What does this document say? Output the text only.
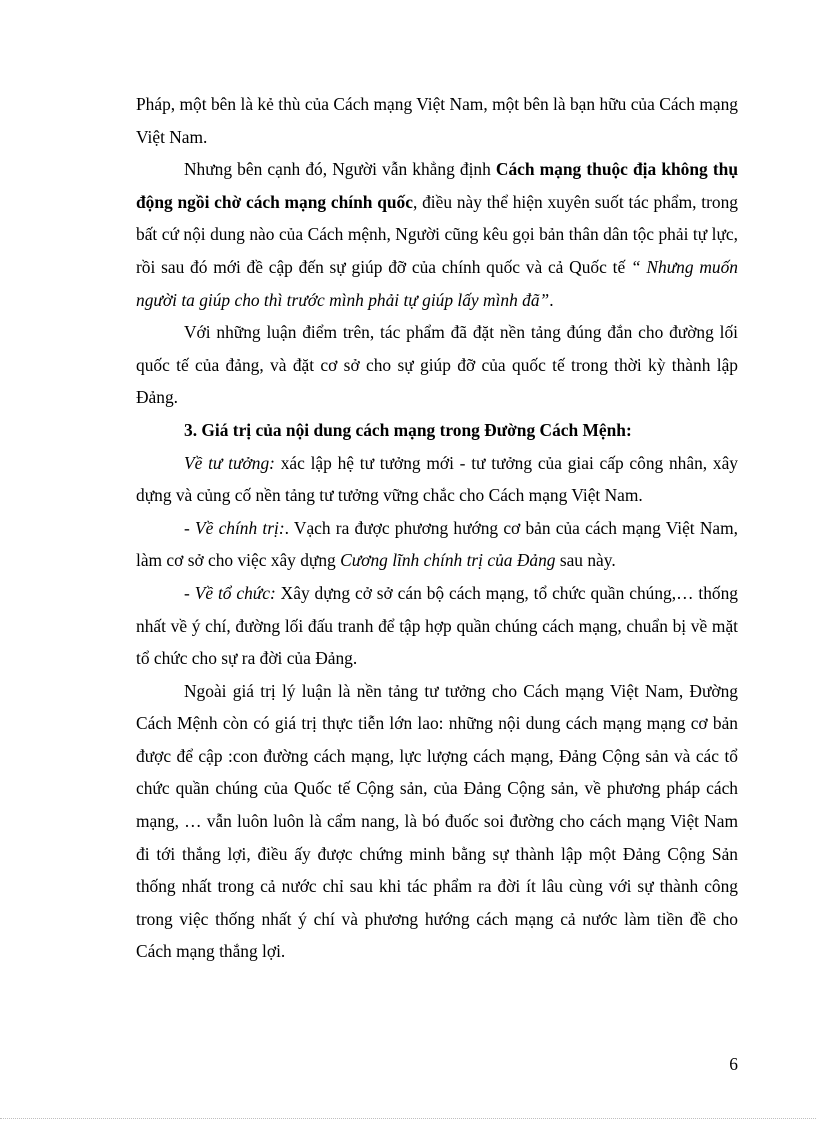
Pháp, một bên là kẻ thù của Cách mạng Việt Nam, một bên là bạn hữu của Cách mạng Việt Nam.

Nhưng bên cạnh đó, Người vẫn khẳng định Cách mạng thuộc địa không thụ động ngồi chờ cách mạng chính quốc, điều này thể hiện xuyên suốt tác phẩm, trong bất cứ nội dung nào của Cách mệnh, Người cũng kêu gọi bản thân dân tộc phải tự lực, rồi sau đó mới đề cập đến sự giúp đỡ của chính quốc và cả Quốc tế “ Nhưng muốn người ta giúp cho thì trước mình phải tự giúp lấy mình đã”.

Với những luận điểm trên, tác phẩm đã đặt nền tảng đúng đắn cho đường lối quốc tế của đảng, và đặt cơ sở cho sự giúp đỡ của quốc tế trong thời kỳ thành lập Đảng.

3. Giá trị của nội dung cách mạng trong Đường Cách Mệnh:

Về tư tưởng: xác lập hệ tư tưởng mới - tư tưởng của giai cấp công nhân, xây dựng và củng cố nền tảng tư tưởng vững chắc cho Cách mạng Việt Nam.

- Về chính trị:. Vạch ra được phương hướng cơ bản của cách mạng Việt Nam, làm cơ sở cho việc xây dựng Cương lĩnh chính trị của Đảng sau này.

- Về tổ chức: Xây dựng cở sở cán bộ cách mạng, tổ chức quần chúng,… thống nhất về ý chí, đường lối đấu tranh để tập hợp quần chúng cách mạng, chuẩn bị về mặt tổ chức cho sự ra đời của Đảng.

Ngoài giá trị lý luận là nền tảng tư tưởng cho Cách mạng Việt Nam, Đường Cách Mệnh còn có giá trị thực tiễn lớn lao: những nội dung cách mạng mạng cơ bản được để cập :con đường cách mạng, lực lượng cách mạng, Đảng Cộng sản và các tổ chức quần chúng của Quốc tế Cộng sản, của Đảng Cộng sản, về phương pháp cách mạng, … vẫn luôn luôn là cẩm nang, là bó đuốc soi đường cho cách mạng Việt Nam đi tới thắng lợi, điều ấy được chứng minh bằng sự thành lập một Đảng Cộng Sản thống nhất trong cả nước chỉ sau khi tác phẩm ra đời ít lâu cùng với sự thành công trong việc thống nhất ý chí và phương hướng cách mạng cả nước làm tiền đề cho Cách mạng thắng lợi.

6
